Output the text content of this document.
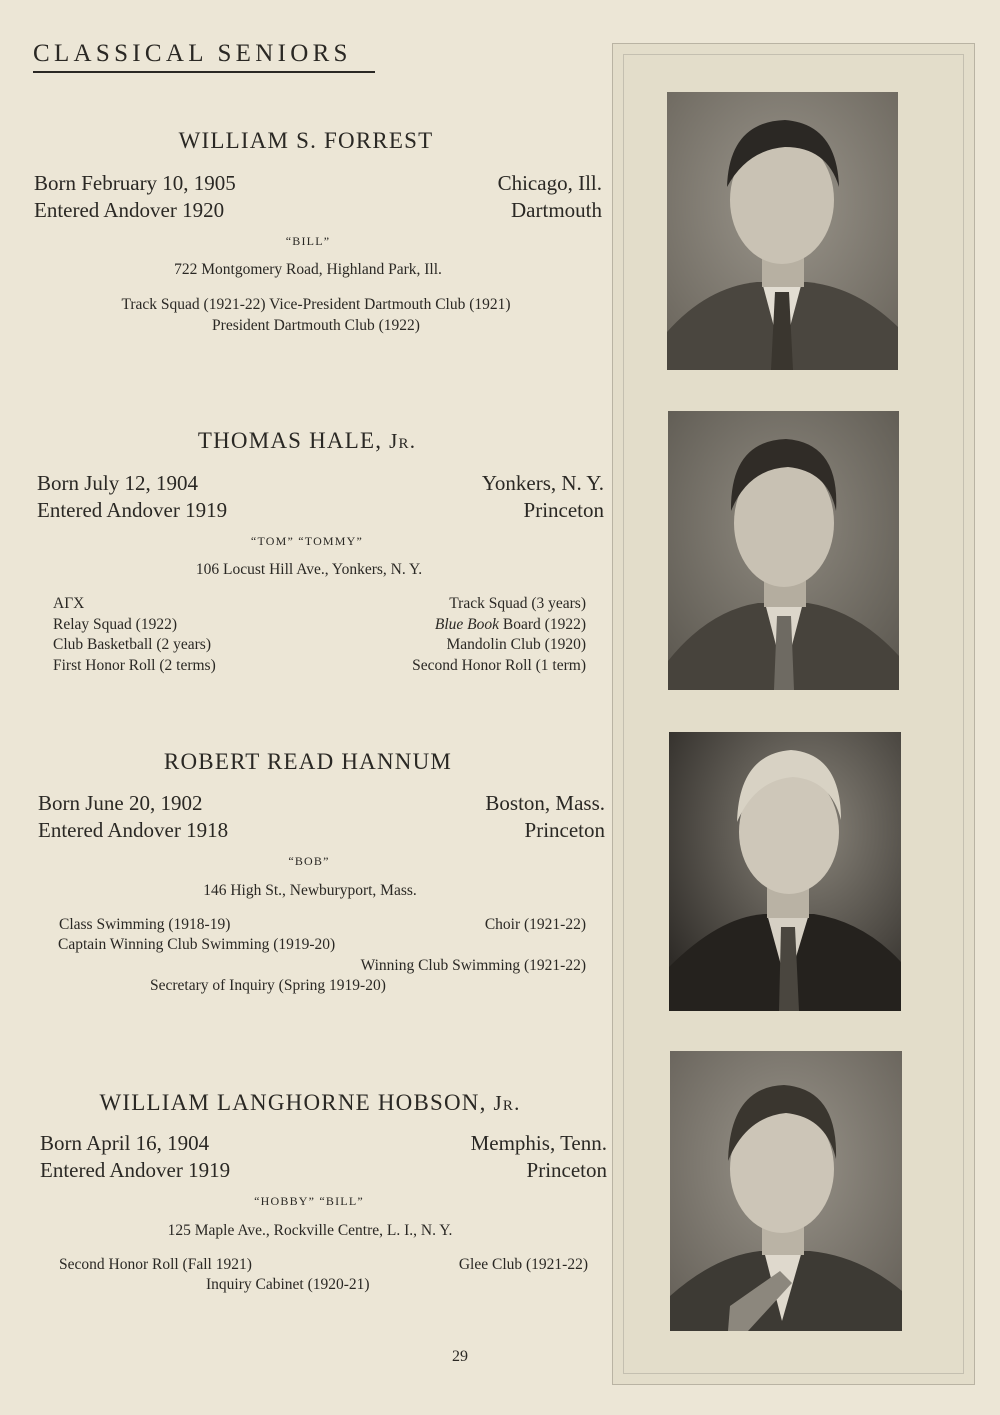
CLASSICAL SENIORS
WILLIAM S. FORREST
Born February 10, 1905
Entered Andover 1920
Chicago, Ill.
Dartmouth
“BILL”
722 Montgomery Road, Highland Park, Ill.
Track Squad (1921-22) Vice-President Dartmouth Club (1921)
President Dartmouth Club (1922)
THOMAS HALE, Jr.
Born July 12, 1904
Entered Andover 1919
Yonkers, N. Y.
Princeton
“TOM” “TOMMY”
106 Locust Hill Ave., Yonkers, N. Y.
ΑΓΧ
Relay Squad (1922)
Club Basketball (2 years)
First Honor Roll (2 terms)
Track Squad (3 years)
Blue Book Board (1922)
Mandolin Club (1920)
Second Honor Roll (1 term)
ROBERT READ HANNUM
Born June 20, 1902
Entered Andover 1918
Boston, Mass.
Princeton
“BOB”
146 High St., Newburyport, Mass.
Class Swimming (1918-19)	Choir (1921-22)
Captain Winning Club Swimming (1919-20)
Winning Club Swimming (1921-22)
Secretary of Inquiry (Spring 1919-20)
WILLIAM LANGHORNE HOBSON, Jr.
Born April 16, 1904
Entered Andover 1919
Memphis, Tenn.
Princeton
“HOBBY” “BILL”
125 Maple Ave., Rockville Centre, L. I., N. Y.
Second Honor Roll (Fall 1921)	Glee Club (1921-22)
Inquiry Cabinet (1920-21)
29
